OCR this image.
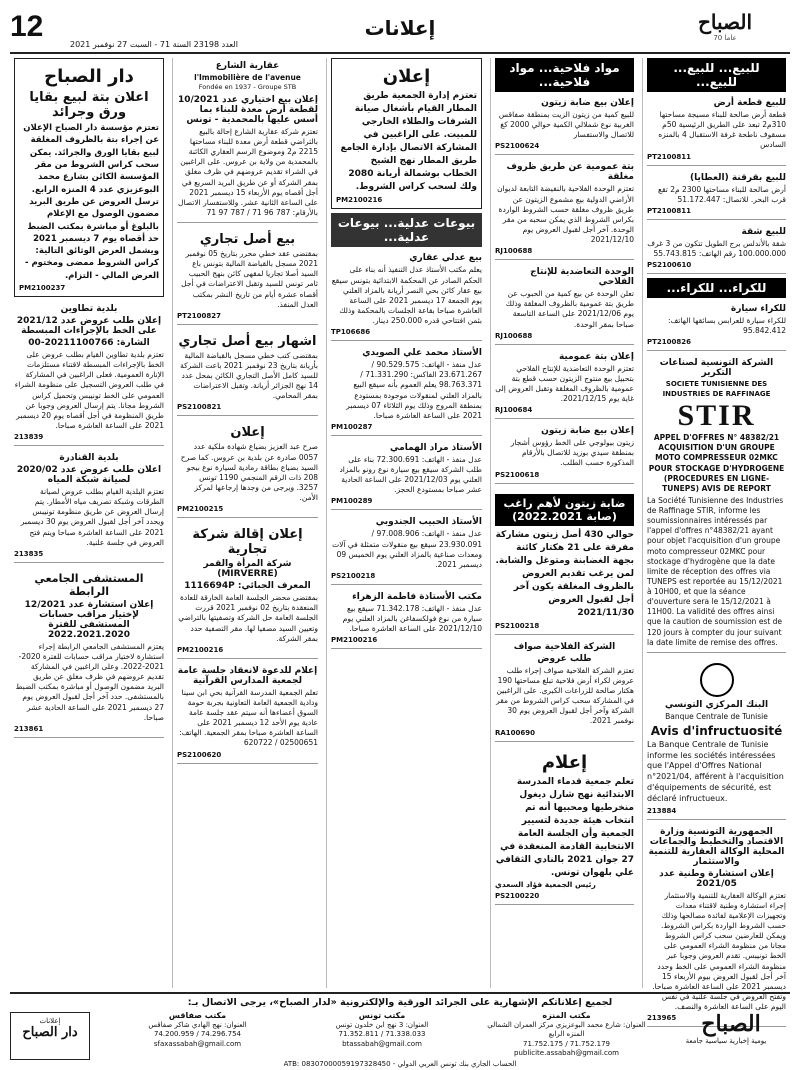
12
العدد 23198 السنة 71 - السبت 27 نوفمبر 2021
إعلانات	الصباح
70 عاما
للبيع... للبيع... للبيع...
للبيع قطعة أرض
قطعة أرض صالحة للبناء مسيجة مساحتها 310م2 تبعد على الطريق الرئيسية 50م مسقوف ناطحة غرفة الاستقبال 4 بالمنزه السادس
PT2100811
للبيع بقرقنة (العطايا)
أرض صالحة للبناء مساحتها 2300 م2 تقع قرب البحر. للاتصال: 51.172.447
PT2100811
للبيع شقة
شقة بالأندلس برج الطويل تتكون من 3 غرف 100.000.000 رقم الهاتف: 55.743.815
PS2100610
للكراء... للكراء...
للكراء سيارة
للكراء سيارة للعرابس بسائقها الهاتف: 95.842.412
PT2100826
الشركة التونسية لصناعات التكرير
SOCIETE TUNISIENNE DES INDUSTRIES DE RAFFINAGE
STIR
APPEL D'OFFRES N° 48382/21 ACQUISITION D'UN GROUPE MOTO COMPRESSEUR 02MKC POUR STOCKAGE D'HYDROGENE (PROCEDURES EN LIGNE- TUNEPS) AVIS DE REPORT
La Société Tunisienne des Industries de Raffinage STIR, informe les soumissionnaires intéressés par l'appel d'offres n°48382/21 ayant pour objet l'acquisition d'un groupe moto compresseur 02MKC pour stockage d'hydrogène que la date limite de réception des offres via TUNEPS est reportée au 15/12/2021 à 10H00, et que la séance d'ouverture sera le 15/12/2021 à 11H00. La validité des offres ainsi que la caution de soumission est de 120 jours à compter du jour suivant la date limite de remise des offres.
البنك المركزي التونسي
Banque Centrale de Tunisie
Avis d'infructuosité
La Banque Centrale de Tunisie informe les sociétés intéressées que l'Appel d'Offres National n°2021/04, afférent à l'acquisition d'équipements de sécurité, est déclaré infructueux.
213884
الجمهورية التونسية وزارة الاقتصاد والتخطيط والجماعات المحلية الوكالة العقارية للتنمية والاستثمار
إعلان استشارة وطنية عدد 2021/05
تعتزم الوكالة العقارية للتنمية والاستثمار إجراء استشارة وطنية لاقتناء معدات وتجهيزات الإعلامية لفائدة مصالحها وذلك حسب الشروط الواردة بكراس الشروط. ويمكن للعارضين سحب كراس الشروط مجانا من منظومة الشراء العمومي على الخط تونيبس. تقدم العروض وجوبا عبر منظومة الشراء العمومي على الخط وحدد آخر أجل لقبول العروض بيوم الأربعاء 15 ديسمبر 2021 على الساعة العاشرة صباحا. وتفتح العروض في جلسة علنية في نفس اليوم على الساعة العاشرة والنصف.
213965
مواد فلاحية... مواد فلاحية...
إعلان بيع ضابة زيتون
للبيع كمية من زيتون الزيت بمنطقة صفاقس الغربية نوع شملالي الكمية حوالي 2000 كغ للاتصال والاستفسار
PS2100624
بتة عمومية عن طريق ظروف مغلقة
تعتزم الوحدة الفلاحية بالنفيضة التابعة لديوان الأراضي الدولية بيع مشموع الزيتون عن طريق ظروف مغلقة حسب الشروط الواردة بكراس الشروط الذي يمكن سحبه من مقر الوحدة. آخر أجل لقبول العروض يوم 2021/12/10
RJ100688
الوحدة التعاضدية للإنتاج الفلاحي
تعلن الوحدة عن بيع كمية من الحبوب عن طريق بتة عمومية بالظروف المغلقة وذلك يوم 2021/12/06 على الساعة التاسعة صباحا بمقر الوحدة.
RJ100688
إعلان بتة عمومية
تعتزم الوحدة التعاضدية للإنتاج الفلاحي بتحبيل بيع منتوج الزيتون حسب قطع بتة عمومية بالظروف المغلقة وتقبل العروض إلى غاية يوم 2021/12/15.
RJ100684
إعلان بيع ضابة زيتون
زيتون بيولوجي على الخط رؤوس أشجار بمنطقة سيدي بوزيد للاتصال بالأرقام المذكورة حسب الطلب.
PS2100618
ضابة زيتون لأهم راغب (صابة 2022.2021)
حوالي 430 أصل زيتون مشاركة مفرقة على 21 هكتار كائنة بجهة الغضابنة ومتوغل والشابة. لمن يرغب تقديم العروض بالظروف المغلقة يكون آخر أجل لقبول العروض 2021/11/30
PS2100218
الشركة الفلاحية صواف
طلب عروض
تعتزم الشركة الفلاحية صواف إجراء طلب عروض لكراء أرض فلاحية تبلغ مساحتها 190 هكتار صالحة للزراعات الكبرى. على الراغبين في المشاركة سحب كراس الشروط من مقر الشركة وآخر أجل لقبول العروض يوم 30 نوفمبر 2021.
RA100690
إعلام
تعلم جمعية قدماء المدرسة الابتدائية نهج شارل ديغول منخرطيها ومحبيها أنه تم انتخاب هيئة جديدة لتسيير الجمعية وأن الجلسة العامة الانتخابية القادمة المنعقدة في 27 جوان 2021 بالنادي الثقافي علي بلهوان تونس.
رئيس الجمعية فؤاد السعدي
PS2100220
إعلان
تعتزم إدارة الجمعية طريق المطار القيام بأشغال صيانة الشرفات والطلاء الخارجي للمبيت. على الراغبين في المشاركة الاتصال بإدارة الجامع طريق المطار نهج الشيخ الخطاب بوشمالة أريانة 2080 ولك لسحب كراس الشروط.
PM2100216
بيوعات عدلية... بيوعات عدلية...
بيع عدلي عقاري
يعلم مكتب الأستاذ عدل التنفيذ أنه بناء على الحكم الصادر عن المحكمة الابتدائية بتونس سيقع بيع عقار كائن بحي النصر أريانة بالمزاد العلني يوم الجمعة 17 ديسمبر 2021 على الساعة العاشرة صباحا بقاعة الجلسات بالمحكمة وذلك بثمن افتتاحي قدره 250.000 دينار.
TP106686
الأستاذ محمد علي الصويدي
عدل منفذ - الهاتف: 90.529.575 / 23.671.267 الفاكس: 71.331.290 / 98.763.371 يعلم العموم بأنه سيقع البيع بالمزاد العلني لمنقولات موجودة بمستودع بمنطقة المروج وذلك يوم الثلاثاء 07 ديسمبر 2021 على الساعة العاشرة صباحا.
PM100287
الأستاذ مراد الهمامي
عدل منفذ - الهاتف: 72.300.691 بناء على طلب الشركة سيقع بيع سيارة نوع رونو بالمزاد العلني يوم 2021/12/03 على الساعة الحادية عشر صباحا بمستودع الحجز.
PM100289
الأستاذ الحبيب الجندوبي
عدل منفذ - الهاتف: 97.008.906 / 23.930.091 سيقع بيع منقولات متمثلة في آلات ومعدات صناعية بالمزاد العلني يوم الخميس 09 ديسمبر 2021.
PS2100218
مكتب الأستاذة فاطمة الزهراء
عدل منفذ - الهاتف: 71.342.178 سيقع بيع سيارة من نوع فولكسفاغن بالمزاد العلني يوم 2021/12/10 على الساعة العاشرة صباحا.
PM2100216
عقارية الشارع
l'Immobilière de l'avenue
Fondée en 1937 - Groupe STB
إعلان بيع اختياري عدد 10/2021 لقطعة أرض معدة للبناء بما أسس عليها بالمحمدية - تونس
تعتزم شركة عقارية الشارع إحالة بالبيع بالتراضي قطعة أرض معدة للبناء مساحتها 2215 م2 وموضوع الرسم العقاري الكائنة بالمحمدية من ولاية بن عروس. على الراغبين في الشراء تقديم عروضهم في ظرف مغلق بمقر الشركة أو عن طريق البريد السريع في أجل أقصاه يوم الأربعاء 15 ديسمبر 2021 على الساعة الثانية عشر. وللاستفسار الاتصال بالأرقام: 787 96 71 / 787 97 71
بيع أصل تجاري
بمقتضى عقد خطي محرر بتاريخ 05 نوفمبر 2021 مسجل بالقباضة المالية بتونس باع السيد أصلا تجاريا لمقهى كائن بنهج الحبيب ثامر تونس للسيد وتقبل الاعتراضات في أجل أقصاه عشرة أيام من تاريخ النشر بمكتب العدل المنفذ.
PT2100827
اشهار بيع أصل تجاري
بمقتضى كتب خطي مسجل بالقباضة المالية بأريانة بتاريخ 23 نوفمبر 2021 باعت الشركة للسيد كامل الأصل التجاري الكائن بمحل عدد 14 نهج الجزائر أريانة. وتقبل الاعتراضات بمقر المحامي.
PS2100821
إعلان
صرح عبد العزيز بضياع شهادة ملكية عدد 0057 صادرة عن بلدية بن عروس. كما صرح السيد بضياع بطاقة رمادية لسيارة نوع بيجو 208 ذات الرقم المنجمي 1190 تونس 3257. ويرجى من وجدها إرجاعها لمركز الأمن.
PM2100215
إعلان إقالة شركة تجارية
شركة المرأة والقمر (MIRVERRE)
المعرف الجبائي: 1116694P
بمقتضى محضر الجلسة العامة الخارقة للعادة المنعقدة بتاريخ 02 نوفمبر 2021 قررت الجلسة العامة حل الشركة وتصفيتها بالتراضي وتعيين السيد مصفيا لها. مقر التصفية حدد بمقر الشركة.
PM2100216
إعلام للدعوة لانعقاد جلسة عامة لجمعية المدارس القرآنية
تعلم الجمعية المدرسة القرآنية بحي ابن سينا ودادية الجمعية العامة التعاونية بجربة حومة السوق أعضاءها أنه سيتم عقد جلسة عامة عادية يوم الأحد 12 ديسمبر 2021 على الساعة العاشرة صباحا بمقر الجمعية. الهاتف: 02500651 / 620722
PS2100620
دار الصباح
اعلان بتة لبيع بقايا ورق وجرائد
تعتزم مؤسسة دار الصباح الإعلان عن إجراء بتة بالظروف المغلقة لبيع بقايا الورق والجرائد. يمكن سحب كراس الشروط من مقر المؤسسة الكائن بشارع محمد البوعزيزي عدد 4 المنزه الرابع. ترسل العروض عن طريق البريد مضمون الوصول مع الإعلام بالبلوغ أو مباشرة بمكتب الضبط حد أقصاه يوم 7 ديسمبر 2021 ويشمل العرض الوثائق التالية: كراس الشروط ممضى ومختوم - العرض المالي - التزام.
PM2100237
بلدية تطاوين
إعلان طلب عروض عدد 2021/12 على الخط بالإجراءات المبسطة
الشارة: 20211100766-00
تعتزم بلدية تطاوين القيام بطلب عروض على الخط بالإجراءات المبسطة لاقتناء مستلزمات الإنارة العمومية. فعلى الراغبين في المشاركة في طلب العروض التسجيل على منظومة الشراء العمومي على الخط تونيبس وتحميل كراس الشروط مجانا. يتم إرسال العروض وجوبا عن طريق المنظومة في أجل أقصاه يوم 20 ديسمبر 2021 على الساعة العاشرة صباحا.
213839
بلدية القنادرة
اعلان طلب عروض عدد 2020/02 لصيانة شبكة المياه
تعتزم البلدية القيام بطلب عروض لصيانة الطرقات وشبكة تصريف مياه الأمطار. يتم إرسال العروض عن طريق منظومة تونيبس ويحدد آخر أجل لقبول العروض يوم 30 ديسمبر 2021 على الساعة العاشرة صباحا ويتم فتح العروض في جلسة علنية.
213835
المستشفى الجامعي الرابطة
إعلان استشارة عدد 12/2021 لإختيار مراقب حسابات المستشفى للفترة 2022.2021.2020
يعتزم المستشفى الجامعي الرابطة إجراء استشارة لاختيار مراقب حسابات للفترة 2020-2021-2022. وعلى الراغبين في المشاركة تقديم عروضهم في ظرف مغلق عن طريق البريد مضمون الوصول أو مباشرة بمكتب الضبط بالمستشفى. حدد آخر أجل لقبول العروض يوم 27 ديسمبر 2021 على الساعة الحادية عشر صباحا.
213861
لجميع إعلاناتكم الإشهارية على الجرائد الورقية والإلكترونية «لدار الصباح»، يرجى الاتصال بـ:
الصباح
يومية إخبارية سياسية جامعة
مكتب المنزه
العنوان: شارع محمد البوعزيزي مركز العمران الشمالي المنزه الرابع
71.752.179 / 71.752.175
publicite.assabah@gmail.com
مكتب تونس
العنوان: 3 نهج ابن خلدون تونس
71.338.033 / 71.352.811
btassabah@gmail.com
مكتب صفاقس
العنوان: نهج الهادي شاكر صفاقس
74.296.754 / 74.200.959
sfaxassabah@gmail.com
ATB: 08307000059197328450 - الحساب الجاري بنك تونس العربي الدولي
إعلانات
دار الصباح
